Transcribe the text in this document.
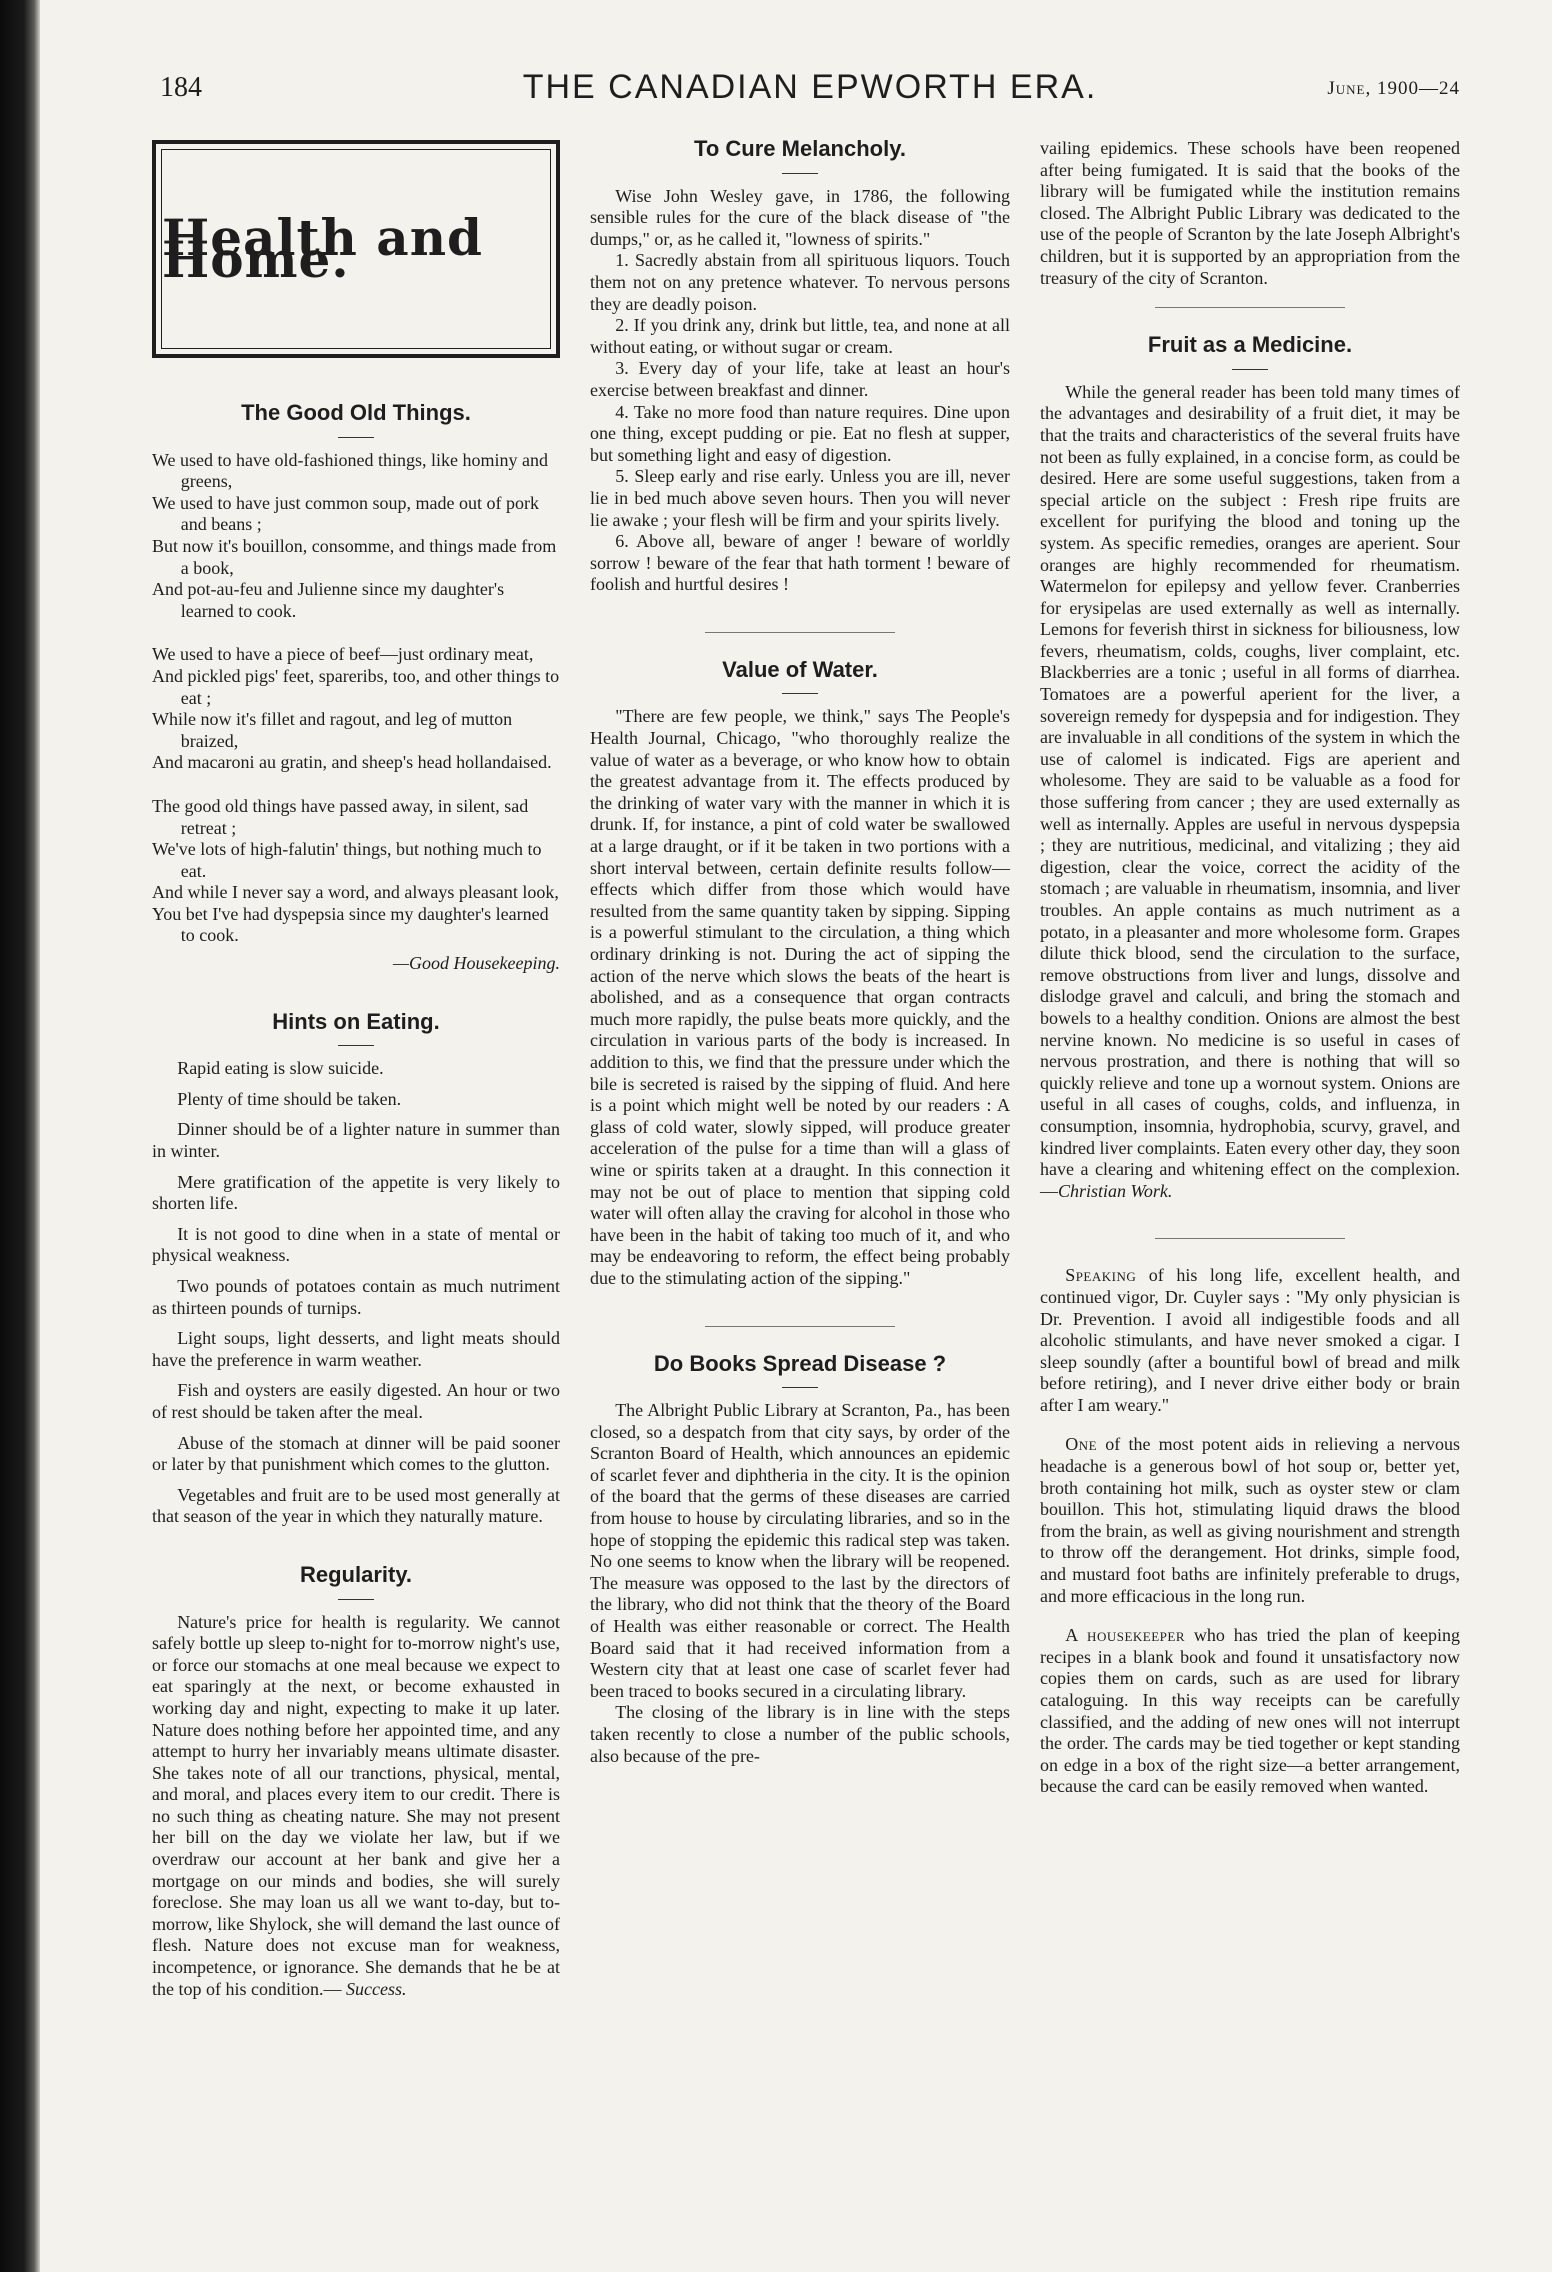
184	THE CANADIAN EPWORTH ERA.	June, 1900—24
Health and Home.
The Good Old Things.
We used to have old-fashioned things, like hominy and greens,
We used to have just common soup, made out of pork and beans ;
But now it's bouillon, consomme, and things made from a book,
And pot-au-feu and Julienne since my daughter's learned to cook.
We used to have a piece of beef—just ordinary meat,
And pickled pigs' feet, spareribs, too, and other things to eat ;
While now it's fillet and ragout, and leg of mutton braized,
And macaroni au gratin, and sheep's head hollandaised.
The good old things have passed away, in silent, sad retreat ;
We've lots of high-falutin' things, but nothing much to eat.
And while I never say a word, and always pleasant look,
You bet I've had dyspepsia since my daughter's learned to cook.
—Good Housekeeping.
Hints on Eating.

Rapid eating is slow suicide.

Plenty of time should be taken.

Dinner should be of a lighter nature in summer than in winter.

Mere gratification of the appetite is very likely to shorten life.

It is not good to dine when in a state of mental or physical weakness.

Two pounds of potatoes contain as much nutriment as thirteen pounds of turnips.

Light soups, light desserts, and light meats should have the preference in warm weather.

Fish and oysters are easily digested. An hour or two of rest should be taken after the meal.

Abuse of the stomach at dinner will be paid sooner or later by that punishment which comes to the glutton.

Vegetables and fruit are to be used most generally at that season of the year in which they naturally mature.

Regularity.

Nature's price for health is regularity. We cannot safely bottle up sleep to-night for to-morrow night's use, or force our stomachs at one meal because we expect to eat sparingly at the next, or become exhausted in working day and night, expecting to make it up later. Nature does nothing before her appointed time, and any attempt to hurry her invariably means ultimate disaster. She takes note of all our tranctions, physical, mental, and moral, and places every item to our credit. There is no such thing as cheating nature. She may not present her bill on the day we violate her law, but if we overdraw our account at her bank and give her a mortgage on our minds and bodies, she will surely foreclose. She may loan us all we want to-day, but to-morrow, like Shylock, she will demand the last ounce of flesh. Nature does not excuse man for weakness, incompetence, or ignorance. She demands that he be at the top of his condition.— Success.

To Cure Melancholy.

Wise John Wesley gave, in 1786, the following sensible rules for the cure of the black disease of "the dumps," or, as he called it, "lowness of spirits."

1. Sacredly abstain from all spirituous liquors. Touch them not on any pretence whatever. To nervous persons they are deadly poison.

2. If you drink any, drink but little, tea, and none at all without eating, or without sugar or cream.

3. Every day of your life, take at least an hour's exercise between breakfast and dinner.

4. Take no more food than nature requires. Dine upon one thing, except pudding or pie. Eat no flesh at supper, but something light and easy of digestion.

5. Sleep early and rise early. Unless you are ill, never lie in bed much above seven hours. Then you will never lie awake ; your flesh will be firm and your spirits lively.

6. Above all, beware of anger ! beware of worldly sorrow ! beware of the fear that hath torment ! beware of foolish and hurtful desires !

Value of Water.

"There are few people, we think," says The People's Health Journal, Chicago, "who thoroughly realize the value of water as a beverage, or who know how to obtain the greatest advantage from it. The effects produced by the drinking of water vary with the manner in which it is drunk. If, for instance, a pint of cold water be swallowed at a large draught, or if it be taken in two portions with a short interval between, certain definite results follow—effects which differ from those which would have resulted from the same quantity taken by sipping. Sipping is a powerful stimulant to the circulation, a thing which ordinary drinking is not. During the act of sipping the action of the nerve which slows the beats of the heart is abolished, and as a consequence that organ contracts much more rapidly, the pulse beats more quickly, and the circulation in various parts of the body is increased. In addition to this, we find that the pressure under which the bile is secreted is raised by the sipping of fluid. And here is a point which might well be noted by our readers : A glass of cold water, slowly sipped, will produce greater acceleration of the pulse for a time than will a glass of wine or spirits taken at a draught. In this connection it may not be out of place to mention that sipping cold water will often allay the craving for alcohol in those who have been in the habit of taking too much of it, and who may be endeavoring to reform, the effect being probably due to the stimulating action of the sipping."

Do Books Spread Disease ?

The Albright Public Library at Scranton, Pa., has been closed, so a despatch from that city says, by order of the Scranton Board of Health, which announces an epidemic of scarlet fever and diphtheria in the city. It is the opinion of the board that the germs of these diseases are carried from house to house by circulating libraries, and so in the hope of stopping the epidemic this radical step was taken. No one seems to know when the library will be reopened. The measure was opposed to the last by the directors of the library, who did not think that the theory of the Board of Health was either reasonable or correct. The Health Board said that it had received information from a Western city that at least one case of scarlet fever had been traced to books secured in a circulating library.

The closing of the library is in line with the steps taken recently to close a number of the public schools, also because of the pre-

vailing epidemics. These schools have been reopened after being fumigated. It is said that the books of the library will be fumigated while the institution remains closed. The Albright Public Library was dedicated to the use of the people of Scranton by the late Joseph Albright's children, but it is supported by an appropriation from the treasury of the city of Scranton.

Fruit as a Medicine.

While the general reader has been told many times of the advantages and desirability of a fruit diet, it may be that the traits and characteristics of the several fruits have not been as fully explained, in a concise form, as could be desired. Here are some useful suggestions, taken from a special article on the subject : Fresh ripe fruits are excellent for purifying the blood and toning up the system. As specific remedies, oranges are aperient. Sour oranges are highly recommended for rheumatism. Watermelon for epilepsy and yellow fever. Cranberries for erysipelas are used externally as well as internally. Lemons for feverish thirst in sickness for biliousness, low fevers, rheumatism, colds, coughs, liver complaint, etc. Blackberries are a tonic ; useful in all forms of diarrhea. Tomatoes are a powerful aperient for the liver, a sovereign remedy for dyspepsia and for indigestion. They are invaluable in all conditions of the system in which the use of calomel is indicated. Figs are aperient and wholesome. They are said to be valuable as a food for those suffering from cancer ; they are used externally as well as internally. Apples are useful in nervous dyspepsia ; they are nutritious, medicinal, and vitalizing ; they aid digestion, clear the voice, correct the acidity of the stomach ; are valuable in rheumatism, insomnia, and liver troubles. An apple contains as much nutriment as a potato, in a pleasanter and more wholesome form. Grapes dilute thick blood, send the circulation to the surface, remove obstructions from liver and lungs, dissolve and dislodge gravel and calculi, and bring the stomach and bowels to a healthy condition. Onions are almost the best nervine known. No medicine is so useful in cases of nervous prostration, and there is nothing that will so quickly relieve and tone up a wornout system. Onions are useful in all cases of coughs, colds, and influenza, in consumption, insomnia, hydrophobia, scurvy, gravel, and kindred liver complaints. Eaten every other day, they soon have a clearing and whitening effect on the complexion.—Christian Work.

Speaking of his long life, excellent health, and continued vigor, Dr. Cuyler says : "My only physician is Dr. Prevention. I avoid all indigestible foods and all alcoholic stimulants, and have never smoked a cigar. I sleep soundly (after a bountiful bowl of bread and milk before retiring), and I never drive either body or brain after I am weary."

One of the most potent aids in relieving a nervous headache is a generous bowl of hot soup or, better yet, broth containing hot milk, such as oyster stew or clam bouillon. This hot, stimulating liquid draws the blood from the brain, as well as giving nourishment and strength to throw off the derangement. Hot drinks, simple food, and mustard foot baths are infinitely preferable to drugs, and more efficacious in the long run.

A housekeeper who has tried the plan of keeping recipes in a blank book and found it unsatisfactory now copies them on cards, such as are used for library cataloguing. In this way receipts can be carefully classified, and the adding of new ones will not interrupt the order. The cards may be tied together or kept standing on edge in a box of the right size—a better arrangement, because the card can be easily removed when wanted.
